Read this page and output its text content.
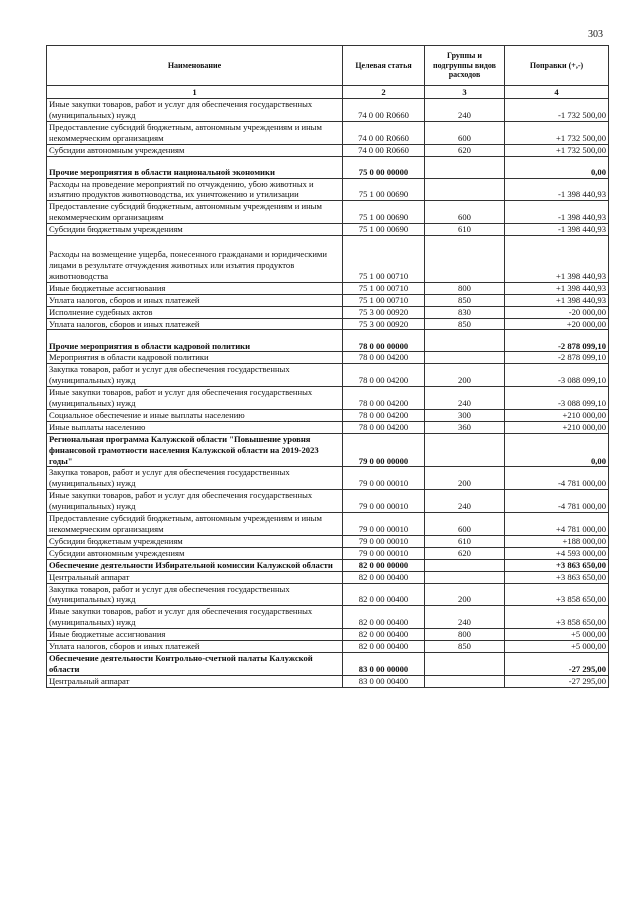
303
Наименование	Целевая статья	Группы и подгруппы видов расходов	Поправки (+,-)
1	2	3	4
Иные закупки товаров, работ и услуг для обеспечения государственных (муниципальных) нужд	74 0 00 R0660	240	-1 732 500,00
Предоставление субсидий бюджетным, автономным учреждениям и иным некоммерческим организациям	74 0 00 R0660	600	+1 732 500,00
Субсидии автономным учреждениям	74 0 00 R0660	620	+1 732 500,00
Прочие мероприятия в области национальной экономики	75 0 00 00000		0,00
Расходы на проведение мероприятий по отчуждению, убою животных и изъятию продуктов животноводства, их уничтожению и утилизации	75 1 00 00690		-1 398 440,93
Предоставление субсидий бюджетным, автономным учреждениям и иным некоммерческим организациям	75 1 00 00690	600	-1 398 440,93
Субсидии бюджетным учреждениям	75 1 00 00690	610	-1 398 440,93

Расходы на возмещение ущерба, понесенного гражданами и юридическими лицами в результате отчуждения животных или изъятия продуктов животноводства	75 1 00 00710		+1 398 440,93
Иные бюджетные ассигнования	75 1 00 00710	800	+1 398 440,93
Уплата налогов, сборов и иных платежей	75 1 00 00710	850	+1 398 440,93
Исполнение судебных актов	75 3 00 00920	830	-20 000,00
Уплата налогов, сборов и иных платежей	75 3 00 00920	850	+20 000,00
Прочие мероприятия в области кадровой политики	78 0 00 00000		-2 878 099,10
Мероприятия в области кадровой политики	78 0 00 04200		-2 878 099,10
Закупка товаров, работ и услуг для обеспечения государственных (муниципальных) нужд	78 0 00 04200	200	-3 088 099,10
Иные закупки товаров, работ и услуг для обеспечения государственных (муниципальных) нужд	78 0 00 04200	240	-3 088 099,10
Социальное обеспечение и иные выплаты населению	78 0 00 04200	300	+210 000,00
Иные выплаты населению	78 0 00 04200	360	+210 000,00
Региональная программа Калужской области "Повышение уровня финансовой грамотности населения Калужской области на 2019-2023 годы"	79 0 00 00000		0,00
Закупка товаров, работ и услуг для обеспечения государственных (муниципальных) нужд	79 0 00 00010	200	-4 781 000,00
Иные закупки товаров, работ и услуг для обеспечения государственных (муниципальных) нужд	79 0 00 00010	240	-4 781 000,00
Предоставление субсидий бюджетным, автономным учреждениям и иным некоммерческим организациям	79 0 00 00010	600	+4 781 000,00
Субсидии бюджетным учреждениям	79 0 00 00010	610	+188 000,00
Субсидии автономным учреждениям	79 0 00 00010	620	+4 593 000,00
Обеспечение деятельности Избирательной комиссии Калужской области	82 0 00 00000		+3 863 650,00
Центральный аппарат	82 0 00 00400		+3 863 650,00
Закупка товаров, работ и услуг для обеспечения государственных (муниципальных) нужд	82 0 00 00400	200	+3 858 650,00
Иные закупки товаров, работ и услуг для обеспечения государственных (муниципальных) нужд	82 0 00 00400	240	+3 858 650,00
Иные бюджетные ассигнования	82 0 00 00400	800	+5 000,00
Уплата налогов, сборов и иных платежей	82 0 00 00400	850	+5 000,00
Обеспечение деятельности Контрольно-счетной палаты Калужской области	83 0 00 00000		-27 295,00
Центральный аппарат	83 0 00 00400		-27 295,00
